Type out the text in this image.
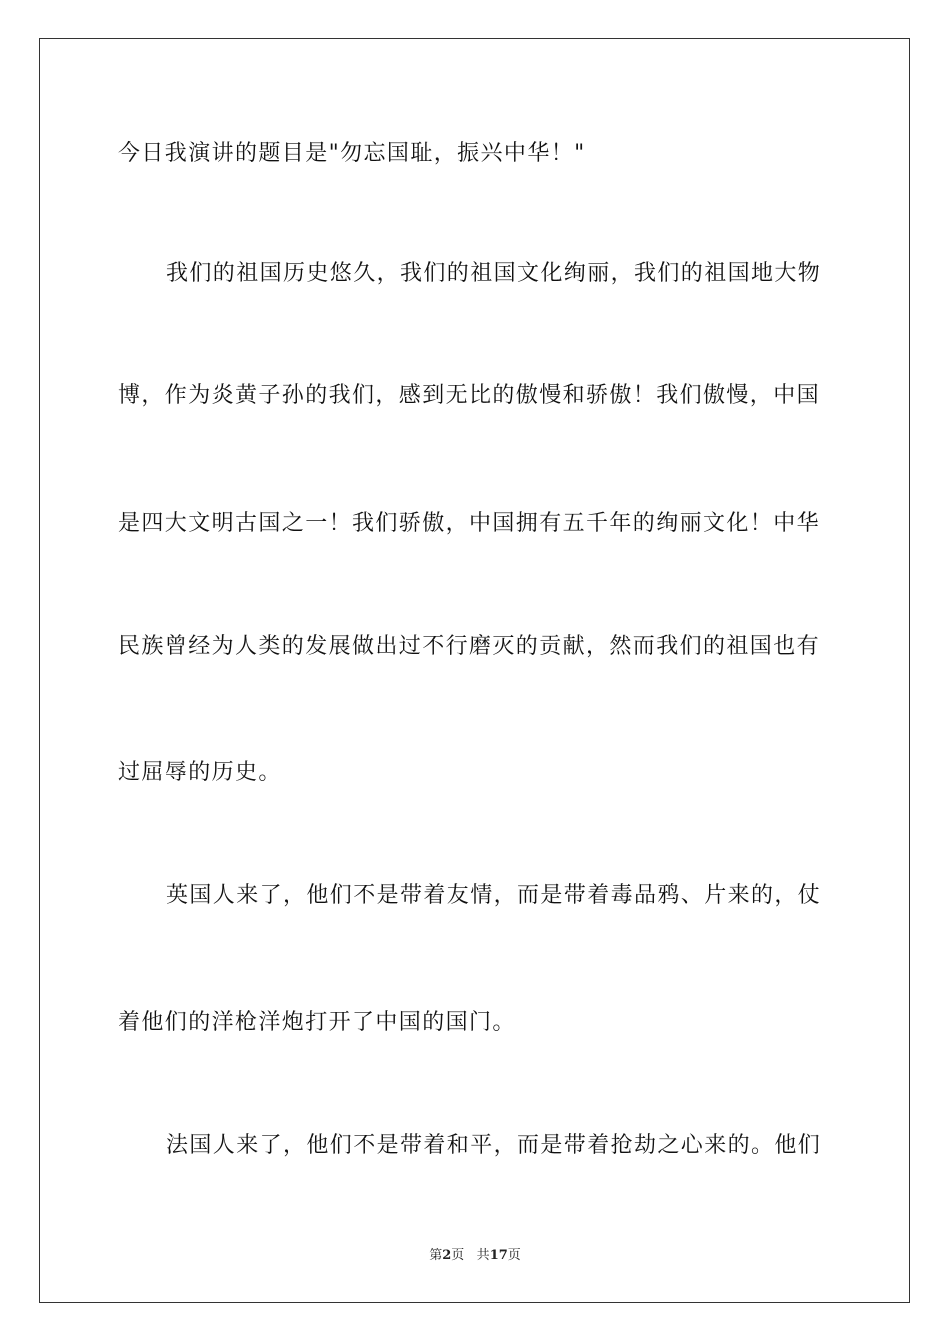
今日我演讲的题目是"勿忘国耻，振兴中华！"
我们的祖国历史悠久，我们的祖国文化绚丽，我们的祖国地大物
博，作为炎黄子孙的我们，感到无比的傲慢和骄傲！我们傲慢，中国
是四大文明古国之一！我们骄傲，中国拥有五千年的绚丽文化！中华
民族曾经为人类的发展做出过不行磨灭的贡献，然而我们的祖国也有
过屈辱的历史。
英国人来了，他们不是带着友情，而是带着毒品鸦、片来的，仗
着他们的洋枪洋炮打开了中国的国门。
法国人来了，他们不是带着和平，而是带着抢劫之心来的。他们
第2页 共17页
